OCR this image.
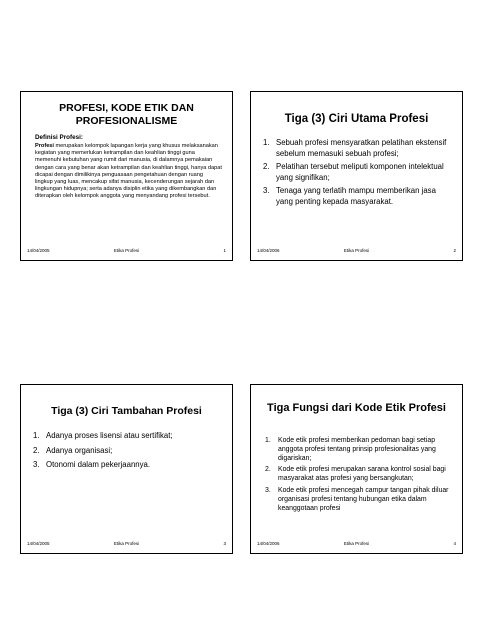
PROFESI, KODE ETIK DAN PROFESIONALISME
Definisi Profesi:
Profesi merupakan kelompok lapangan kerja yang khusus melaksanakan kegiatan yang memerlukan ketrampilan dan keahlian tinggi guna memenuhi kebutuhan yang rumit dari manusia, di dalamnya pemakaian dengan cara yang benar akan ketrampilan dan keahlian tinggi, hanya dapat dicapai dengan dimilikinya penguasaan pengetahuan dengan ruang lingkup yang luas, mencakup sifat manusia, kecenderungan sejarah dan lingkungan hidupnya; serta adanya disiplin etika yang dikembangkan dan diterapkan oleh kelompok anggota yang menyandang profesi tersebut.
14/04/2005	Etika Profesi	1
Tiga (3) Ciri Utama Profesi
1. Sebuah profesi mensyaratkan pelatihan ekstensif sebelum memasuki sebuah profesi;
2. Pelatihan tersebut meliputi komponen intelektual yang signifikan;
3. Tenaga yang terlatih mampu memberikan jasa yang penting kepada masyarakat.
14/04/2006	Etika Profesi	2
Tiga (3) Ciri Tambahan Profesi
1. Adanya proses lisensi atau sertifikat;
2. Adanya organisasi;
3. Otonomi dalam pekerjaannya.
14/04/2005	Etika Profesi	3
Tiga Fungsi dari Kode Etik Profesi
1. Kode etik profesi memberikan pedoman bagi setiap anggota profesi tentang prinsip profesionalitas yang digariskan;
2. Kode etik profesi merupakan sarana kontrol sosial bagi masyarakat atas profesi yang bersangkutan;
3. Kode etik profesi mencegah campur tangan pihak diluar organisasi profesi tentang hubungan etika dalam keanggotaan profesi
14/04/2006	Etika Profesi	4
